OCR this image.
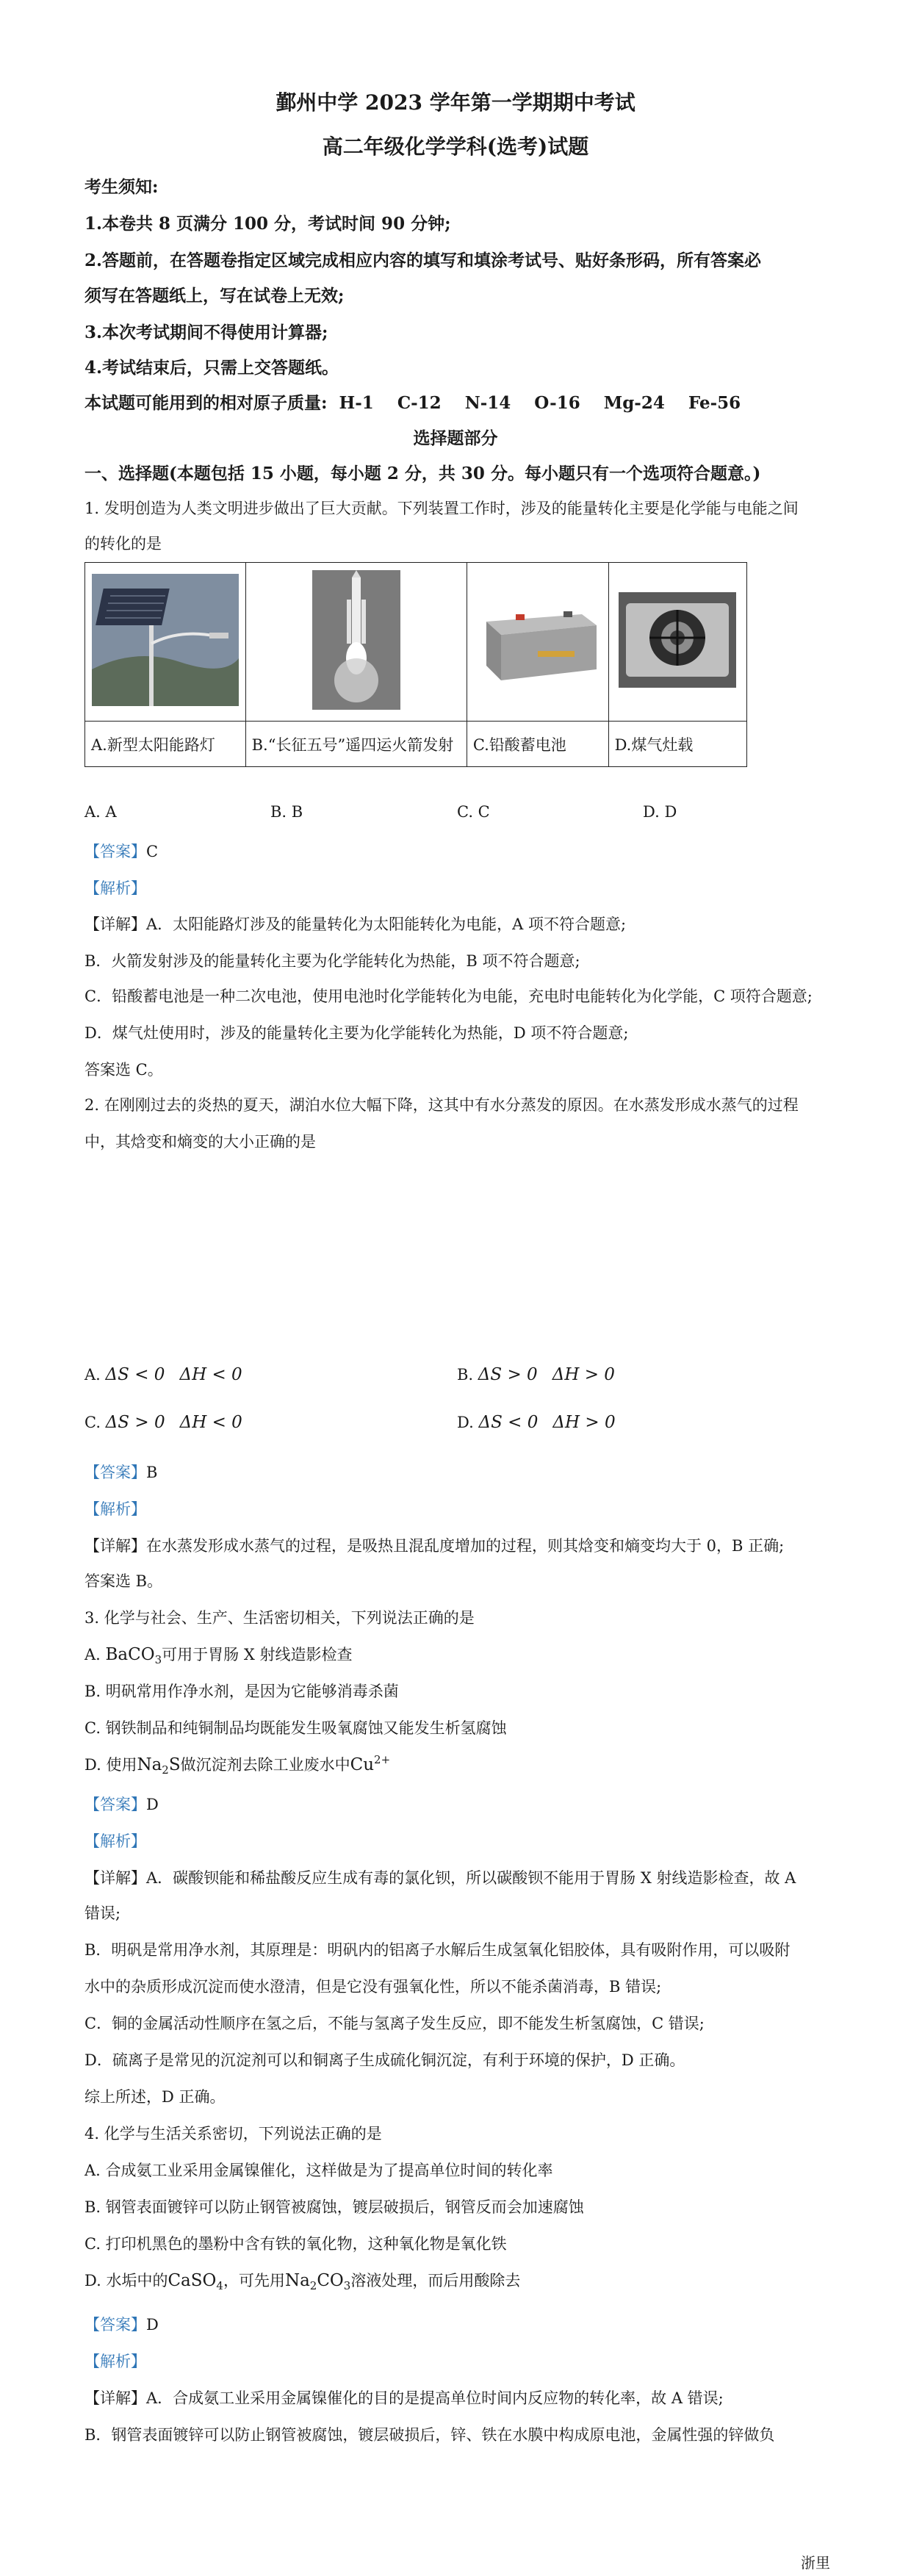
鄞州中学 2023 学年第一学期期中考试
高二年级化学学科(选考)试题
考生须知:
1.本卷共 8 页满分 100 分，考试时间 90 分钟;
2.答题前，在答题卷指定区域完成相应内容的填写和填涂考试号、贴好条形码，所有答案必
须写在答题纸上，写在试卷上无效;
3.本次考试期间不得使用计算器;
4.考试结束后，只需上交答题纸。
本试题可能用到的相对原子质量:  H-1    C-12    N-14    O-16    Mg-24    Fe-56
选择题部分
一、选择题(本题包括 15 小题，每小题 2 分，共 30 分。每小题只有一个选项符合题意。)
1. 发明创造为人类文明进步做出了巨大贡献。下列装置工作时，涉及的能量转化主要是化学能与电能之间
的转化的是

A.新型太阳能路灯	B.“长征五号”遥四运火箭发射	C.铅酸蓄电池	D.煤气灶载
A. A	B. B	C. C	D. D
【答案】C
【解析】
【详解】A．太阳能路灯涉及的能量转化为太阳能转化为电能，A 项不符合题意;
B．火箭发射涉及的能量转化主要为化学能转化为热能，B 项不符合题意;
C．铅酸蓄电池是一种二次电池，使用电池时化学能转化为电能，充电时电能转化为化学能，C 项符合题意;
D．煤气灶使用时，涉及的能量转化主要为化学能转化为热能，D 项不符合题意;
答案选 C。
2. 在刚刚过去的炎热的夏天，湖泊水位大幅下降，这其中有水分蒸发的原因。在水蒸发形成水蒸气的过程
中，其焓变和熵变的大小正确的是
A. ΔS < 0 ΔH < 0	B. ΔS > 0 ΔH > 0
C. ΔS > 0 ΔH < 0	D. ΔS < 0 ΔH > 0
【答案】B
【解析】
【详解】在水蒸发形成水蒸气的过程，是吸热且混乱度增加的过程，则其焓变和熵变均大于 0，B 正确;
答案选 B。
3. 化学与社会、生产、生活密切相关，下列说法正确的是
A. BaCO$_3$可用于胃肠 X 射线造影检查
B. 明矾常用作净水剂，是因为它能够消毒杀菌
C. 钢铁制品和纯铜制品均既能发生吸氧腐蚀又能发生析氢腐蚀
D. 使用$Na_2S$做沉淀剂去除工业废水中$Cu^{2+}$
【答案】D
【解析】
【详解】A．碳酸钡能和稀盐酸反应生成有毒的氯化钡，所以碳酸钡不能用于胃肠 X 射线造影检查，故 A
错误;
B．明矾是常用净水剂，其原理是：明矾内的铝离子水解后生成氢氧化铝胶体，具有吸附作用，可以吸附
水中的杂质形成沉淀而使水澄清，但是它没有强氧化性，所以不能杀菌消毒，B 错误;
C．铜的金属活动性顺序在氢之后，不能与氢离子发生反应，即不能发生析氢腐蚀，C 错误;
D．硫离子是常见的沉淀剂可以和铜离子生成硫化铜沉淀，有利于环境的保护，D 正确。
综上所述，D 正确。
4. 化学与生活关系密切，下列说法正确的是
A. 合成氨工业采用金属镍催化，这样做是为了提高单位时间的转化率
B. 钢管表面镀锌可以防止钢管被腐蚀，镀层破损后，钢管反而会加速腐蚀
C. 打印机黑色的墨粉中含有铁的氧化物，这种氧化物是氧化铁
D. 水垢中的CaSO$_4$，可先用$Na_2CO_3$溶液处理，而后用酸除去
【答案】D
【解析】
【详解】A．合成氨工业采用金属镍催化的目的是提高单位时间内反应物的转化率，故 A 错误;
B．钢管表面镀锌可以防止钢管被腐蚀，镀层破损后，锌、铁在水膜中构成原电池，金属性强的锌做负
浙里
